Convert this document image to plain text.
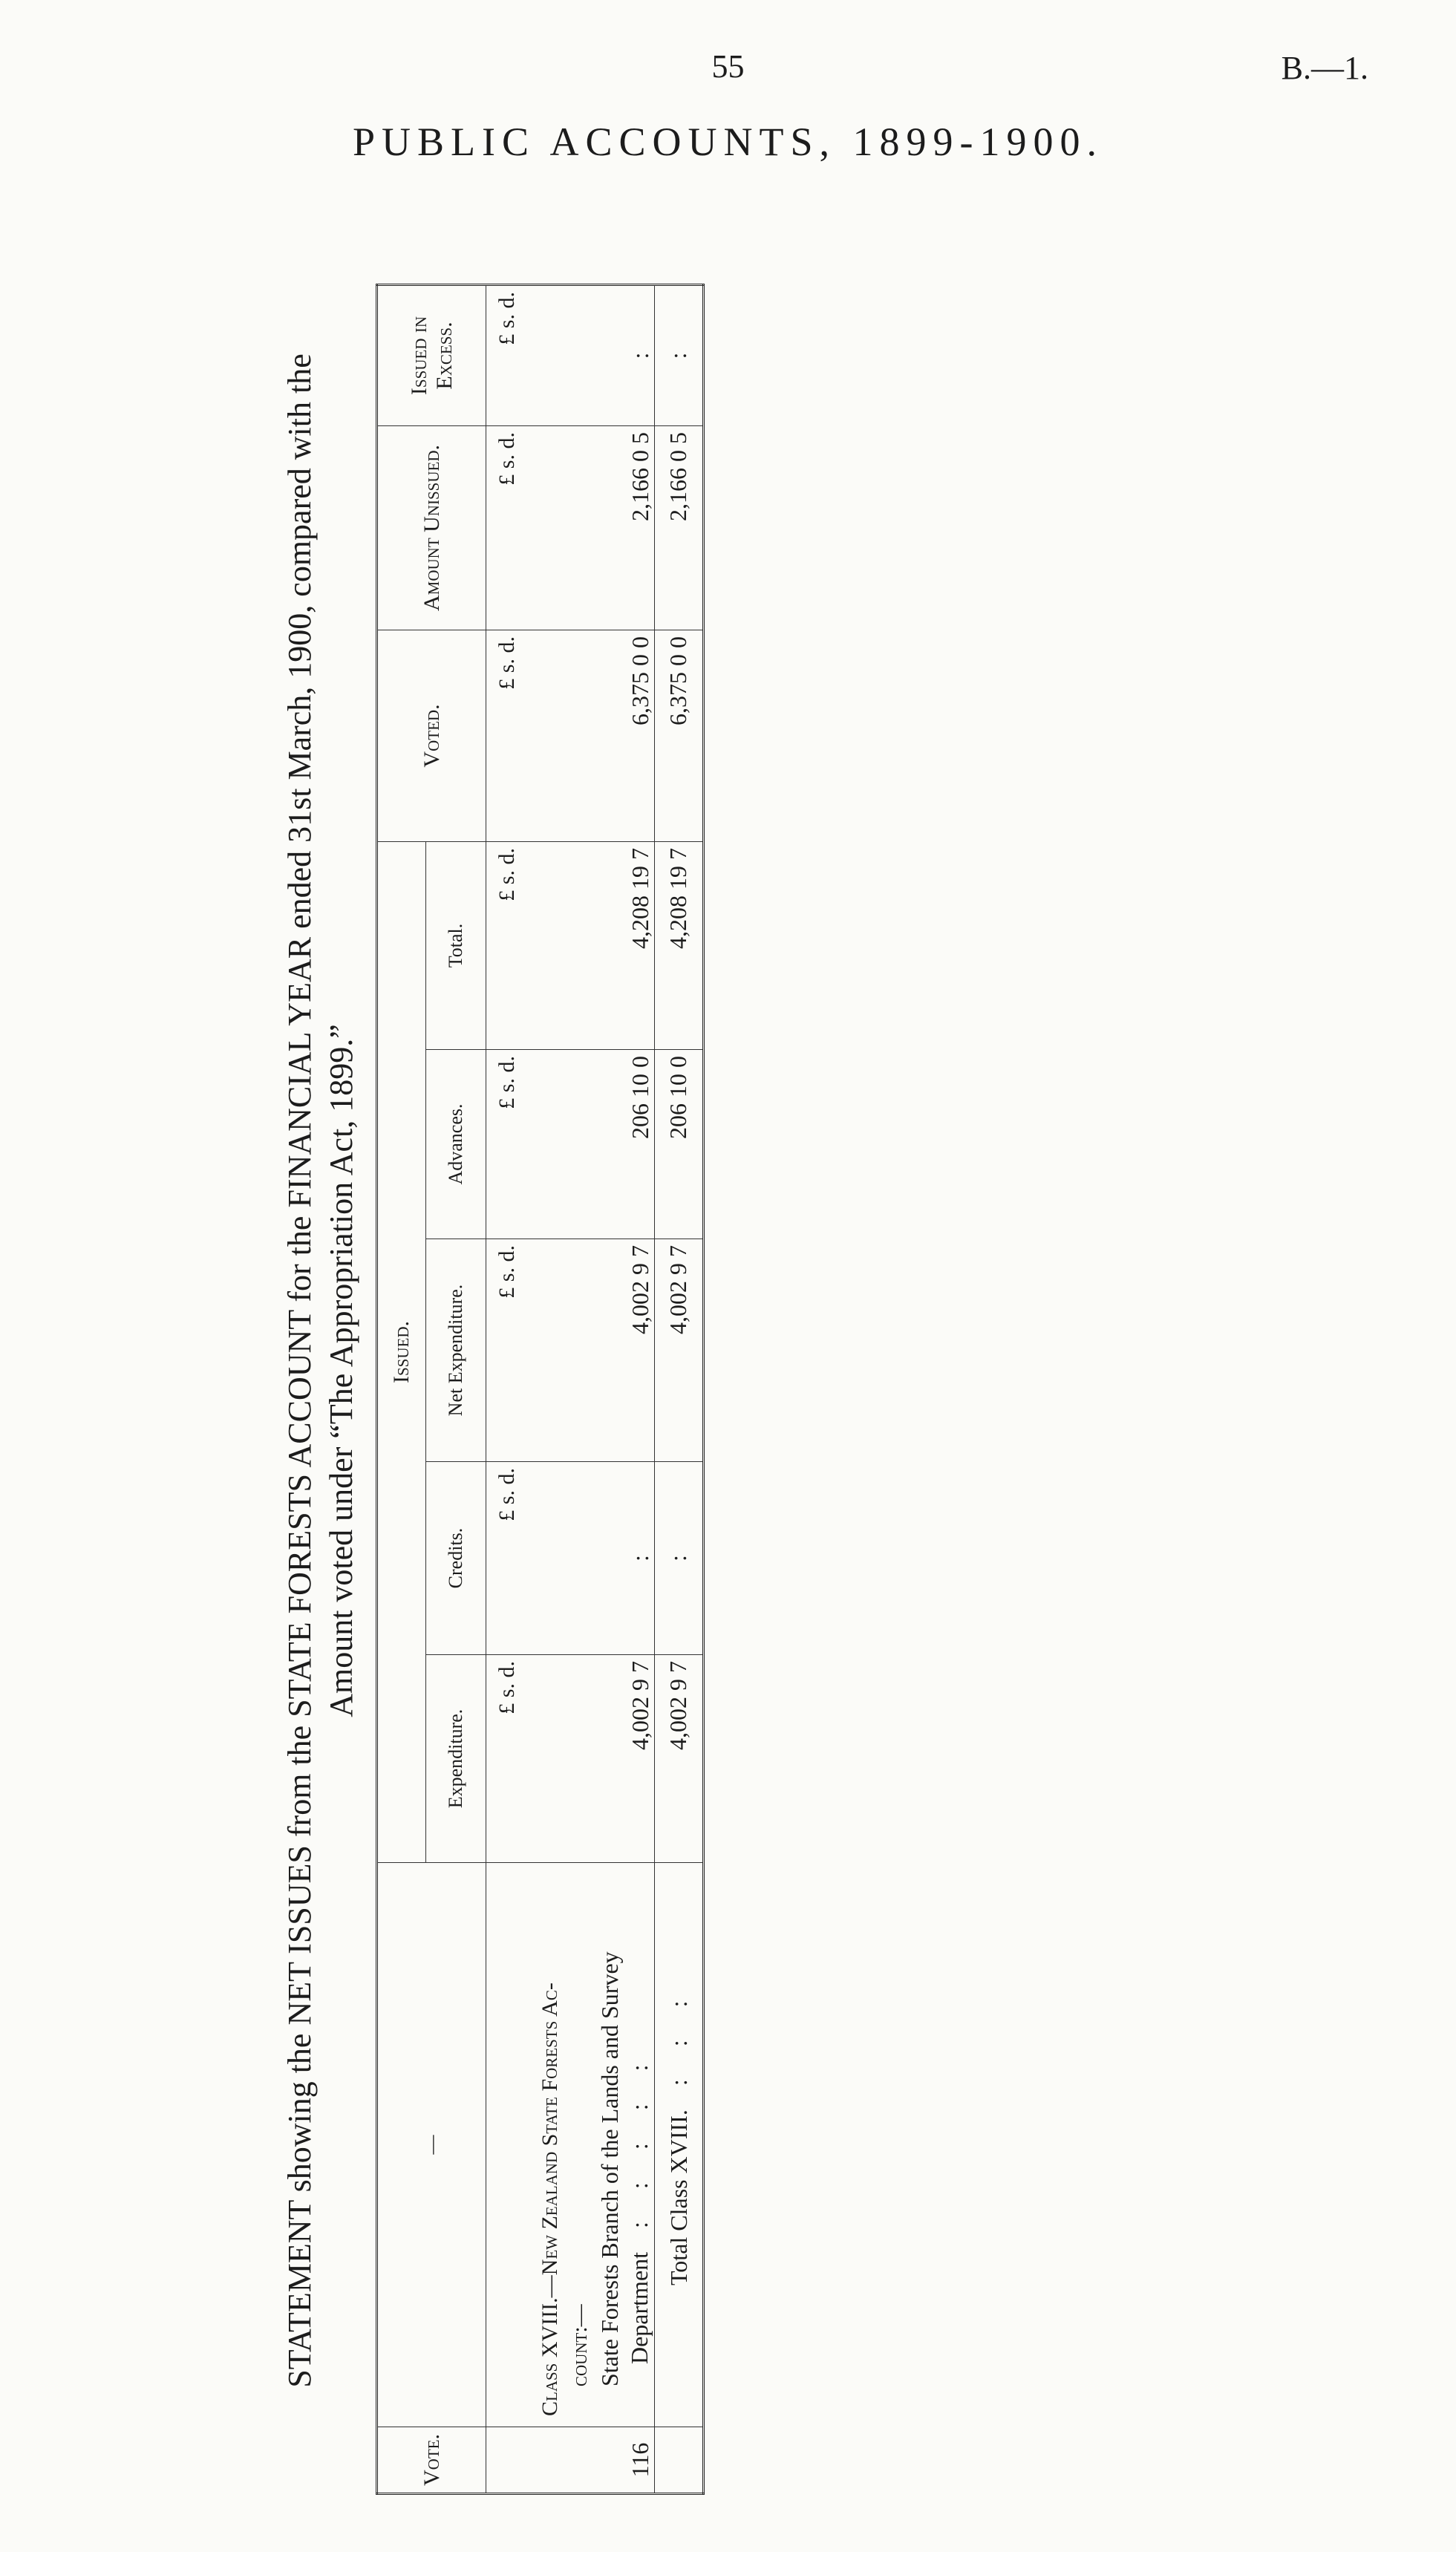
55	B.—1.
PUBLIC ACCOUNTS, 1899-1900.
STATEMENT showing the NET ISSUES from the STATE FORESTS ACCOUNT for the FINANCIAL YEAR ended 31st March, 1900, compared with the Amount voted under “The Appropriation Act, 1899.”
Vote.	—	Issued.					Voted.	Amount Unissued.	Issued in Excess.
		Expenditure.	Credits.	Net Expenditure.	Advances.	Total.			
		£ s. d.	£ s. d.	£ s. d.	£ s. d.	£ s. d.	£ s. d.	£ s. d.	£ s. d.
116	Class XVIII.—New Zealand State Forests Ac- count:— State Forests Branch of the Lands and Survey Department    : : : : :	4,002 9 7	:	4,002 9 7	206 10 0	4,208 19 7	6,375 0 0	2,166 0 5	:
	Total Class XVIII.    : : :	4,002 9 7	:	4,002 9 7	206 10 0	4,208 19 7	6,375 0 0	2,166 0 5	:
